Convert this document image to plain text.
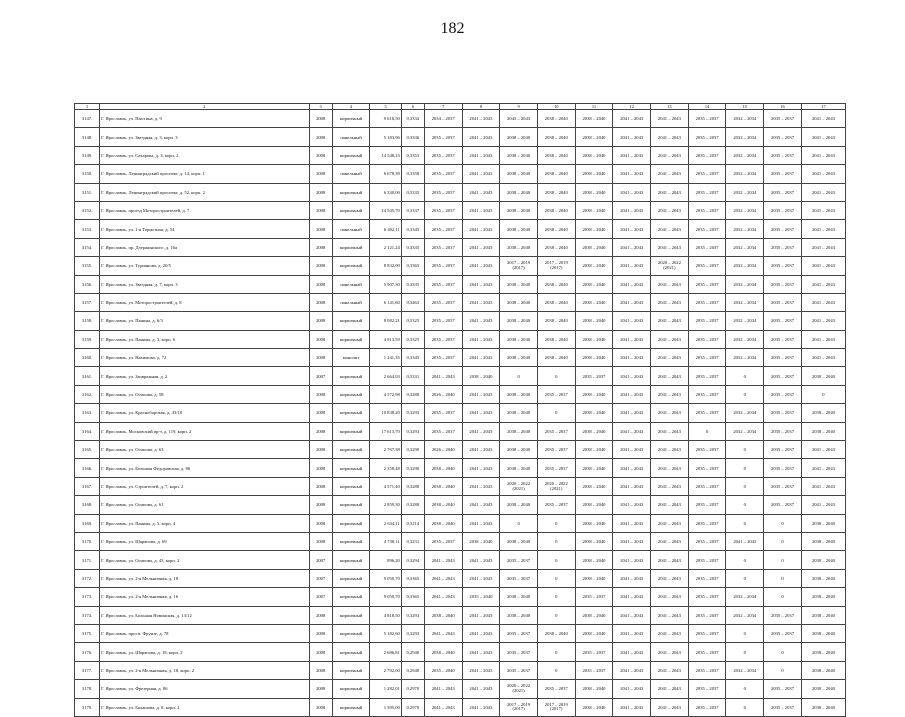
182
1	2	3	4	5	6	7	8	9	10	11	12	13	14	15	16	17
3147.	Г. Ярославль, ул. Пыстина, д. 9	2008	кирпичный	9 616,50	0,3334	2034 – 2037	2041 – 2043	2043 – 2043	2038 – 2040	2038 – 2040	2041 – 2043	2041 – 2043	2035 – 2037	2032 – 2034	2035 – 2037	2041 – 2043
3148.	Г. Ярославль, ул. Звездная, д. 3, корп. 3	2008	панельный	5 183,96	0,3336	2035 – 2037	2041 – 2043	2038 – 2040	2038 – 2040	2038 – 2040	2041 – 2043	2041 – 2043	2035 – 2037	2032 – 2034	2035 – 2037	2041 – 2043
3149.	Г. Ярославль, ул. Сахарова, д. 3, корп. 2	2008	кирпичный	14 548,23	0,3353	2035 – 2037	2041 – 2043	2038 – 2040	2038 – 2040	2038 – 2040	2041 – 2043	2041 – 2043	2035 – 2037	2032 – 2034	2035 – 2037	2041 – 2043
3150.	Г. Ярославль, Ленинградский проспект, д. 14, корп. 1	2008	панельный	6 678,39	0,3358	2035 – 2037	2041 – 2043	2038 – 2040	2038 – 2040	2038 – 2040	2041 – 2043	2041 – 2043	2035 – 2037	2032 – 2034	2035 – 2037	2041 – 2043
3151.	Г. Ярославль, Ленинградский проспект, д. 52, корп. 2	2008	кирпичный	6 330,00	0,3335	2035 – 2037	2041 – 2043	2038 – 2040	2038 – 2040	2038 – 2040	2041 – 2043	2041 – 2043	2035 – 2037	2032 – 2034	2035 – 2037	2041 – 2043
3152.	Г. Ярославль, проезд Моторостроителей, д. 7	2008	кирпичный	14 545,70	0,3337	2035 – 2037	2041 – 2043	2038 – 2040	2038 – 2040	2038 – 2040	2041 – 2043	2041 – 2043	2035 – 2037	2032 – 2034	2035 – 2037	2041 – 2043
3153.	Г. Ярославль, ул. 1-я Тормозная, д. 54	2008	панельный	6 492,11	0,3345	2035 – 2037	2041 – 2043	2038 – 2040	2038 – 2040	2038 – 2040	2041 – 2043	2041 – 2043	2035 – 2037	2032 – 2034	2035 – 2037	2041 – 2043
3154.	Г. Ярославль, пр. Дзержинского, д. 16а	2008	кирпичный	2 121,24	0,3335	2035 – 2037	2041 – 2043	2038 – 2040	2038 – 2040	2038 – 2040	2041 – 2043	2041 – 2043	2035 – 2037	2032 – 2034	2035 – 2037	2041 – 2043
3155.	Г. Ярославль, ул. Туриянова, д. 20/5	2008	кирпичный	8 832,00	0,3365	2035 – 2037	2041 – 2043	2017 – 2019 (2017)	2017 – 2019 (2017)	2038 – 2040	2041 – 2043	2020 – 2022 (2021)	2035 – 2037	2032 – 2034	2035 – 2037	2041 – 2043
3156.	Г. Ярославль, ул. Звездная, д. 7, корп. 3	2008	панельный	5 907,30	0,3335	2035 – 2037	2041 – 2043	2038 – 2040	2038 – 2040	2038 – 2040	2041 – 2043	2041 – 2043	2035 – 2037	2032 – 2034	2035 – 2037	2041 – 2043
3157.	Г. Ярославль, ул. Моторостроителей, д. 8	2008	панельный	6 141,60	0,3463	2035 – 2037	2041 – 2043	2038 – 2040	2038 – 2040	2038 – 2040	2041 – 2043	2041 – 2043	2035 – 2037	2032 – 2034	2035 – 2037	2041 – 2043
3158.	Г. Ярославль, ул. Панина, д. 6/3	2008	кирпичный	8 082,21	0,3325	2035 – 2037	2041 – 2043	2038 – 2040	2038 – 2040	2038 – 2040	2041 – 2043	2041 – 2043	2035 – 2037	2032 – 2034	2035 – 2037	2041 – 2043
3159.	Г. Ярославль, ул. Панина, д. 3, корп. 6	2008	кирпичный	4 913,59	0,3325	2035 – 2037	2041 – 2043	2038 – 2040	2038 – 2040	2038 – 2040	2041 – 2043	2041 – 2043	2035 – 2037	2032 – 2034	2035 – 2037	2041 – 2043
3160.	Г. Ярославль, ул. Нахимова, д. 72	2008	монолит	1 241,35	0,3345	2035 – 2037	2041 – 2043	2038 – 2040	2038 – 2040	2038 – 2040	2041 – 2043	2041 – 2043	2035 – 2037	2032 – 2034	2035 – 2037	2041 – 2043
3161.	Г. Ярославль, ул. Заовражная, д. 2	2007	кирпичный	2 664,03	0,3331	2041 – 2043	2038 – 2040	0	0	2035 – 2037	2041 – 2043	2041 – 2043	2035 – 2037	0	2035 – 2037	2038 – 2040
3162.	Г. Ярославль, ул. Осипова, д. 58	2008	кирпичный	4 572,98	0,3280	2026 – 2040	2041 – 2043	2038 – 2040	2035 – 2037	2038 – 2040	2041 – 2043	2041 – 2043	2035 – 2037	0	2035 – 2037	0
3163.	Г. Ярославль, ул. Красноборская, д. 43/18	2008	кирпичный	10 838,20	0,3293	2035 – 2037	2041 – 2043	2038 – 2040	0	2038 – 2040	2041 – 2043	2041 – 2043	2035 – 2037	2032 – 2034	2035 – 2037	2038 – 2040
3164.	Г. Ярославль, Московский пр-т, д. 119, корп. 2	2008	кирпичный	17 613,70	0,3293	2035 – 2037	2041 – 2043	2038 – 2040	2035 – 2037	2038 – 2040	2041 – 2043	2041 – 2043	0	2032 – 2034	2035 – 2037	2038 – 2040
3165.	Г. Ярославль, ул. Осипова, д. 63	2008	кирпичный	2 767,38	0,3290	2026 – 2040	2041 – 2043	2038 – 2040	2035 – 2037	2038 – 2040	2041 – 2043	2041 – 2043	2035 – 2037	0	2035 – 2037	2041 – 2043
3166.	Г. Ярославль, ул. Большая Федоровская, д. 86	2008	кирпичный	2 358,48	0,3290	2038 – 2040	2041 – 2043	2038 – 2040	2035 – 2037	2038 – 2040	2041 – 2043	2041 – 2043	2035 – 2037	0	2035 – 2037	2041 – 2043
3167.	Г. Ярославль, ул. Строителей, д. 7, корп. 2	2008	кирпичный	4 571,40	0,3280	2038 – 2040	2041 – 2043	2020 – 2022 (2021)	2020 – 2022 (2021)	2038 – 2040	2041 – 2043	2041 – 2043	2035 – 2037	0	2035 – 2037	2041 – 2043
3168.	Г. Ярославль, ул. Осипова, д. 61	2008	кирпичный	2 859,30	0,3280	2038 – 2040	2041 – 2043	2038 – 2040	2035 – 2037	2038 – 2040	2041 – 2043	2041 – 2043	2035 – 2037	0	2035 – 2037	2041 – 2043
3169.	Г. Ярославль, ул. Панина, д. 5, корп. 4	2008	кирпичный	2 634,11	0,3214	2038 – 2040	2041 – 2043	0	0	2038 – 2040	2041 – 2043	2041 – 2043	2035 – 2037	0	0	2038 – 2040
3170.	Г. Ярославль, ул. Шарапова, д. 69	2008	кирпичный	4 738,11	0,3231	2035 – 2037	2038 – 2040	2038 – 2040	0	2038 – 2040	2041 – 2043	2041 – 2043	2035 – 2037	2041 – 2043	0	2038 – 2040
3171.	Г. Ярославль, ул. Осипова, д. 43, корп. 2	2007	кирпичный	896,20	0,3294	2041 – 2043	2041 – 2043	2035 – 2037	0	2038 – 2040	2041 – 2043	2041 – 2043	2035 – 2037	0	0	2038 – 2040
3172.	Г. Ярославль, ул. 2-я Мельничная, д. 18	2007	кирпичный	9 050,70	0,3365	2041 – 2043	2041 – 2043	2035 – 2037	0	2038 – 2040	2041 – 2043	2041 – 2043	2035 – 2037	0	0	2038 – 2040
3173.	Г. Ярославль, ул. 2-я Мельничная, д. 16	2007	кирпичный	9 050,70	0,3365	2041 – 2043	2035 – 2040	2038 – 2040	0	2035 – 2037	2041 – 2043	2041 – 2043	2035 – 2037	2032 – 2034	0	2038 – 2040
3174.	Г. Ярославль, ул. Большая Новинская, д. 13/12	2008	кирпичный	4 818,50	0,3293	2038 – 2040	2041 – 2043	2038 – 2040	0	2038 – 2040	2041 – 2043	2041 – 2043	2035 – 2037	2032 – 2034	2035 – 2037	2038 – 2040
3175.	Г. Ярославль, просп. Фрунзе, д. 78	2008	кирпичный	5 182,60	0,3293	2041 – 2043	2041 – 2043	2035 – 2037	2038 – 2040	2038 – 2040	2041 – 2043	2041 – 2043	2035 – 2037	0	2035 – 2037	2038 – 2040
3176.	Г. Ярославль, ул. Шарапова, д. 18, корп. 2	2008	кирпичный	2 686,81	0,2940	2038 – 2040	2041 – 2043	2035 – 2037	0	2035 – 2037	2041 – 2043	2041 – 2043	2035 – 2037	0	0	2038 – 2040
3177.	Г. Ярославль, ул. 2-я Мельничная, д. 18, корп. 2	2008	кирпичный	2 792,00	0,2940	2035 – 2040	2041 – 2043	2035 – 2037	0	2035 – 2037	2041 – 2043	2041 – 2043	2035 – 2037	2032 – 2034	0	2038 – 2040
3178.	Г. Ярославль, ул. Фрезерная, д. 86	2008	кирпичный	1 282,01	0,2970	2041 – 2043	2041 – 2043	2020 – 2022 (2021)	2035 – 2037	2038 – 2040	2041 – 2043	2041 – 2043	2035 – 2037	0	2035 – 2037	2038 – 2040
3179.	Г. Ярославль, ул. Балашова, д. 8, корп. 2	2008	кирпичный	1 395,00	0,2970	2041 – 2043	2041 – 2043	2017 – 2019 (2017)	2017 – 2019 (2017)	2038 – 2040	2041 – 2043	2041 – 2043	2035 – 2037	0	2035 – 2037	2038 – 2040
